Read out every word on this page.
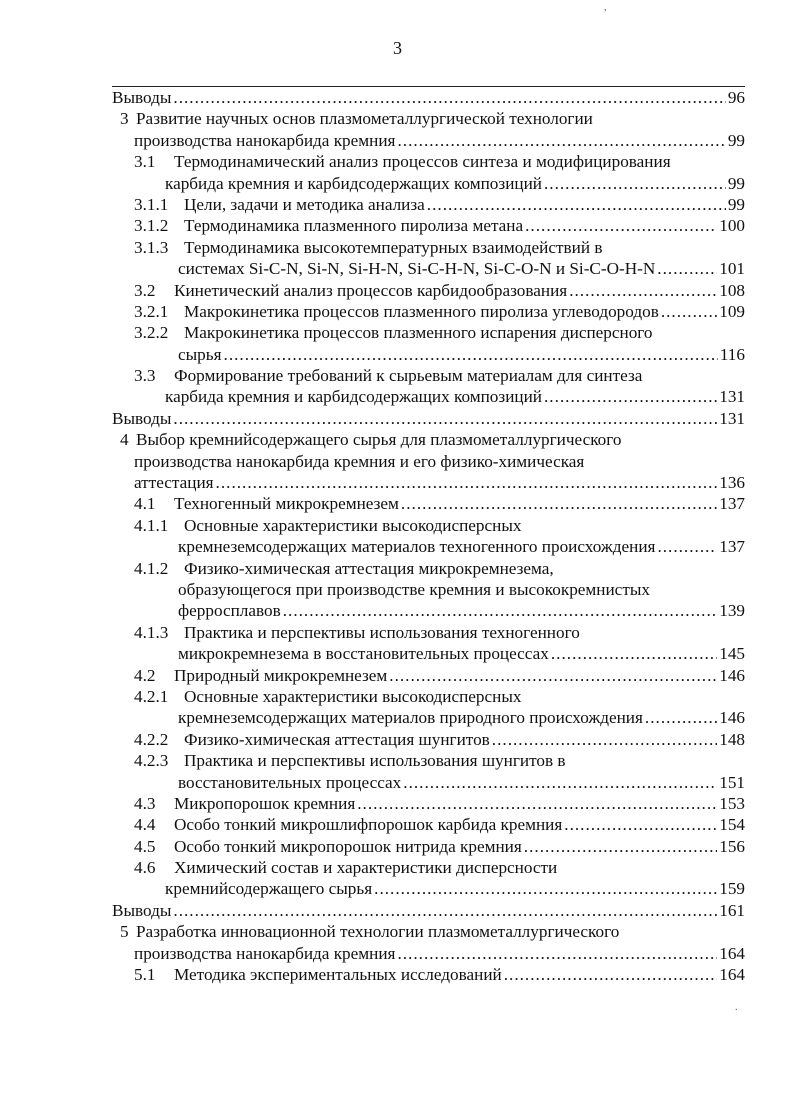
3
Выводы .....	96
3 Развитие научных основ плазмометаллургической технологии
производства нанокарбида кремния .....	99
3.1	Термодинамический анализ процессов синтеза и модифицирования
карбида кремния и карбидсодержащих композиций .....	99
3.1.1 Цели, задачи и методика анализа .....	99
3.1.2 Термодинамика плазменного пиролиза метана .....	100
3.1.3 Термодинамика высокотемпературных взаимодействий в
системах Si-C-N, Si-N, Si-H-N, Si-C-H-N, Si-C-O-N и Si-C-O-H-N .....	101
3.2	Кинетический анализ процессов карбидообразования .....	108
3.2.1 Макрокинетика процессов плазменного пиролиза углеводородов .....	109
3.2.2 Макрокинетика процессов плазменного испарения дисперсного
сырья .....	116
3.3	Формирование требований к сырьевым материалам для синтеза
карбида кремния и карбидсодержащих композиций .....	131
Выводы .....	131
4 Выбор кремнийсодержащего сырья для плазмометаллургического
производства нанокарбида кремния и его физико-химическая
аттестация .....	136
4.1	Техногенный микрокремнезем .....	137
4.1.1 Основные характеристики высокодисперсных
кремнеземсодержащих материалов техногенного происхождения .....	137
4.1.2 Физико-химическая аттестация микрокремнезема,
образующегося при производстве кремния и высококремнистых
ферросплавов .....	139
4.1.3 Практика и перспективы использования техногенного
микрокремнезема в восстановительных процессах .....	145
4.2	Природный микрокремнезем .....	146
4.2.1 Основные характеристики высокодисперсных
кремнеземсодержащих материалов природного происхождения .....	146
4.2.2 Физико-химическая аттестация шунгитов .....	148
4.2.3 Практика и перспективы использования шунгитов в
восстановительных процессах .....	151
4.3	Микропорошок кремния .....	153
4.4	Особо тонкий микрошлифпорошок карбида кремния .....	154
4.5	Особо тонкий микропорошок нитрида кремния .....	156
4.6	Химический состав и характеристики дисперсности
кремнийсодержащего сырья .....	159
Выводы .....	161
5 Разработка инновационной технологии плазмометаллургического
производства нанокарбида кремния .....	164
5.1	Методика экспериментальных исследований .....	164
,
.
